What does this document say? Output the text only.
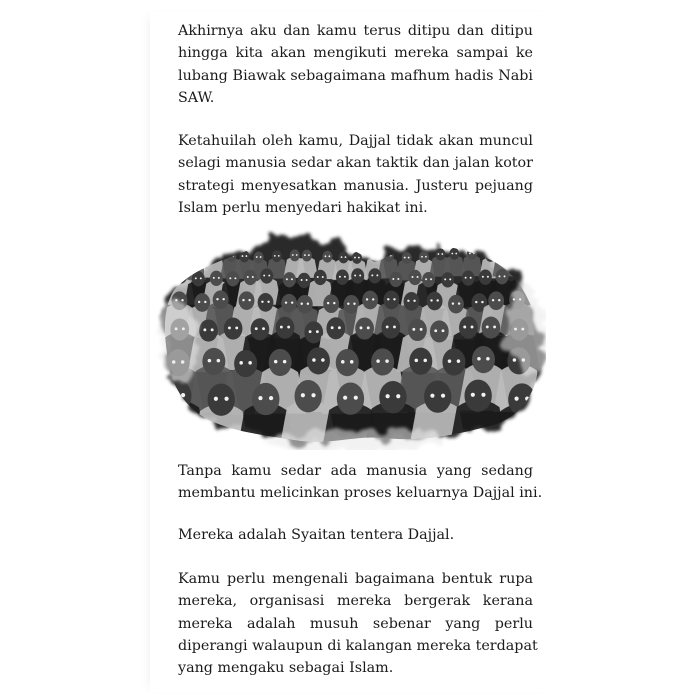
Akhirnya aku dan kamu terus ditipu dan ditipu
hingga kita akan mengikuti mereka sampai ke
lubang Biawak sebagaimana mafhum hadis Nabi
SAW.

Ketahuilah oleh kamu, Dajjal tidak akan muncul
selagi manusia sedar akan taktik dan jalan kotor
strategi menyesatkan manusia. Justeru pejuang
Islam perlu menyedari hakikat ini.

Tanpa kamu sedar ada manusia yang sedang
membantu melicinkan proses keluarnya Dajjal ini.

Mereka adalah Syaitan tentera Dajjal.

Kamu perlu mengenali bagaimana bentuk rupa
mereka, organisasi mereka bergerak kerana
mereka adalah musuh sebenar yang perlu
diperangi walaupun di kalangan mereka terdapat
yang mengaku sebagai Islam.
